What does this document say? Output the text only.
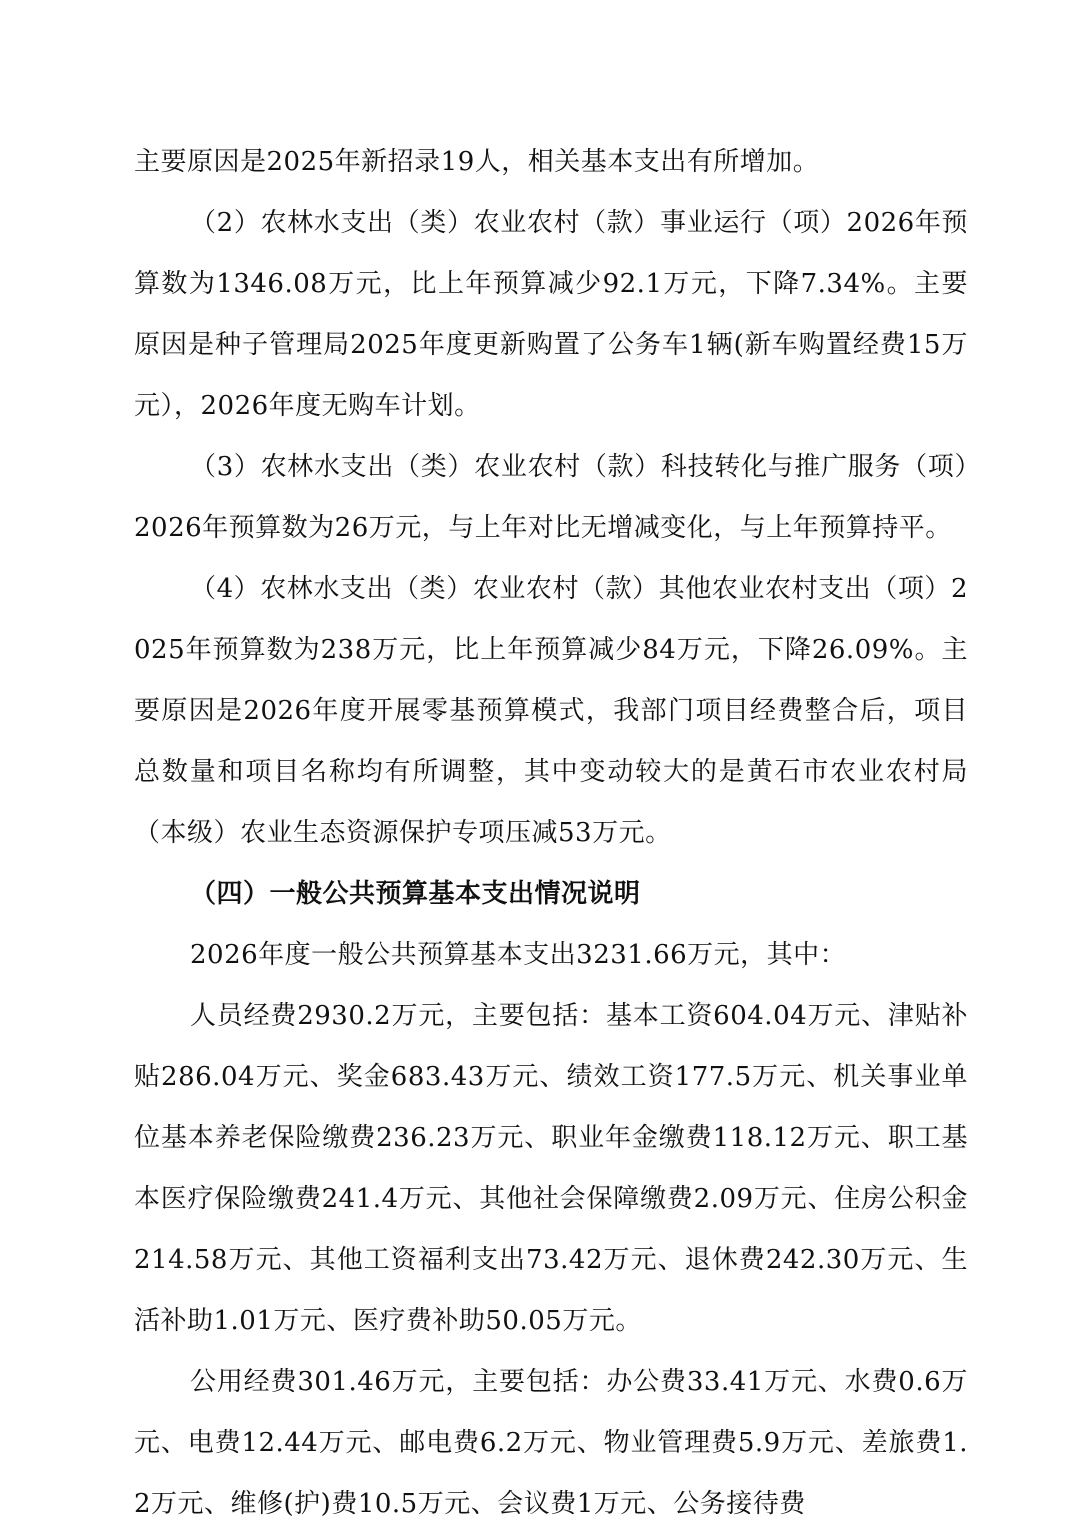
主要原因是2025年新招录19人，相关基本支出有所增加。

（2）农林水支出（类）农业农村（款）事业运行（项）2026年预算数为1346.08万元，比上年预算减少92.1万元，下降7.34%。主要原因是种子管理局2025年度更新购置了公务车1辆(新车购置经费15万元），2026年度无购车计划。

（3）农林水支出（类）农业农村（款）科技转化与推广服务（项）2026年预算数为26万元，与上年对比无增减变化，与上年预算持平。

（4）农林水支出（类）农业农村（款）其他农业农村支出（项）2025年预算数为238万元，比上年预算减少84万元，下降26.09%。主要原因是2026年度开展零基预算模式，我部门项目经费整合后，项目总数量和项目名称均有所调整，其中变动较大的是黄石市农业农村局（本级）农业生态资源保护专项压减53万元。

（四）一般公共预算基本支出情况说明

2026年度一般公共预算基本支出3231.66万元，其中：

人员经费2930.2万元，主要包括：基本工资604.04万元、津贴补贴286.04万元、奖金683.43万元、绩效工资177.5万元、机关事业单位基本养老保险缴费236.23万元、职业年金缴费118.12万元、职工基本医疗保险缴费241.4万元、其他社会保障缴费2.09万元、住房公积金214.58万元、其他工资福利支出73.42万元、退休费242.30万元、生活补助1.01万元、医疗费补助50.05万元。

公用经费301.46万元，主要包括：办公费33.41万元、水费0.6万元、电费12.44万元、邮电费6.2万元、物业管理费5.9万元、差旅费1.2万元、维修(护)费10.5万元、会议费1万元、公务接待费
